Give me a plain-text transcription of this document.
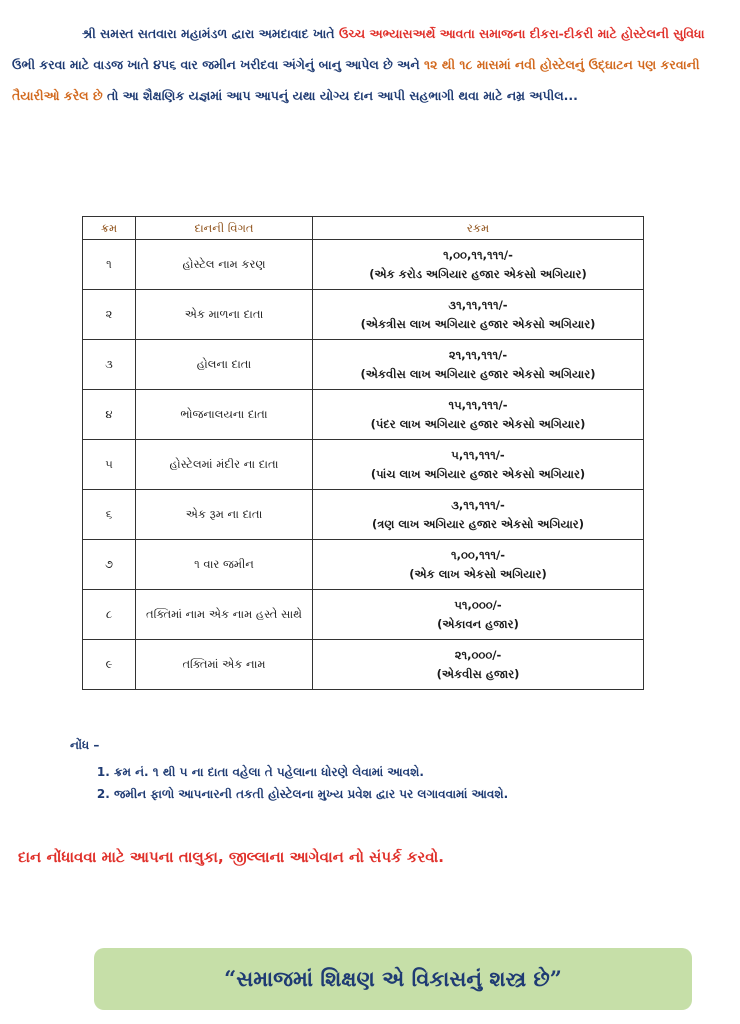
શ્રી સમસ્ત સતવારા મહામંડળ દ્વારા અમદાવાદ ખાતે ઉચ્ચ અભ્યાસઅર્થે આવતા સમાજના દીકરા-દીકરી માટે હોસ્ટેલની સુવિધા ઉભી કરવા માટે વાડજ ખાતે ૪૫૬ વાર જમીન ખરીદવા અંગેનું બાનુ આપેલ છે અને ૧૨ થી ૧૮ માસમાં નવી હોસ્ટેલનું ઉદ્ઘાટન પણ કરવાની તૈયારીઓ કરેલ છે તો આ શૈક્ષણિક યજ્ઞમાં આપ આપનું યથા યોગ્ય દાન આપી સહભાગી થવા માટે નમ્ર અપીલ...
ક્રમ	દાનની વિગત	રકમ
૧	હોસ્ટેલ નામ કરણ	૧,૦૦,૧૧,૧૧૧/-
(એક કરોડ અગિયાર હજાર એકસો અગિયાર)

૨	એક માળના દાતા	૩૧,૧૧,૧૧૧/-
(એકત્રીસ લાખ અગિયાર હજાર એકસો અગિયાર)

૩	હોલના દાતા	૨૧,૧૧,૧૧૧/-
(એકવીસ લાખ અગિયાર હજાર એકસો અગિયાર)

૪	ભોજનાલયના દાતા	૧૫,૧૧,૧૧૧/-
(પંદર લાખ અગિયાર હજાર એકસો અગિયાર)

૫	હોસ્ટેલમાં મંદીર ના દાતા	૫,૧૧,૧૧૧/-
(પાંચ લાખ અગિયાર હજાર એકસો અગિયાર)

૬	એક રૂમ ના દાતા	૩,૧૧,૧૧૧/-
(ત્રણ લાખ અગિયાર હજાર એકસો અગિયાર)

૭	૧ વાર જમીન	૧,૦૦,૧૧૧/-
(એક લાખ એકસો અગિયાર)

૮	તક્તિમાં નામ એક નામ હસ્તે સાથે	૫૧,૦૦૦/-
(એકાવન હજાર)

૯	તક્તિમાં એક નામ	૨૧,૦૦૦/-
(એકવીસ હજાર)
નોંધ –
1. ક્રમ નં. ૧ થી ૫ ના દાતા વહેલા તે પહેલાના ધોરણે લેવામાં આવશે.
2. જમીન ફાળો આપનારની તકતી હોસ્ટેલના મુખ્ય પ્રવેશ દ્વાર પર લગાવવામાં આવશે.
દાન નોંધાવવા માટે આપના તાલુકા, જીલ્લાના આગેવાન નો સંપર્ક કરવો.
“સમાજમાં શિક્ષણ એ વિકાસનું શસ્ત્ર છે”
